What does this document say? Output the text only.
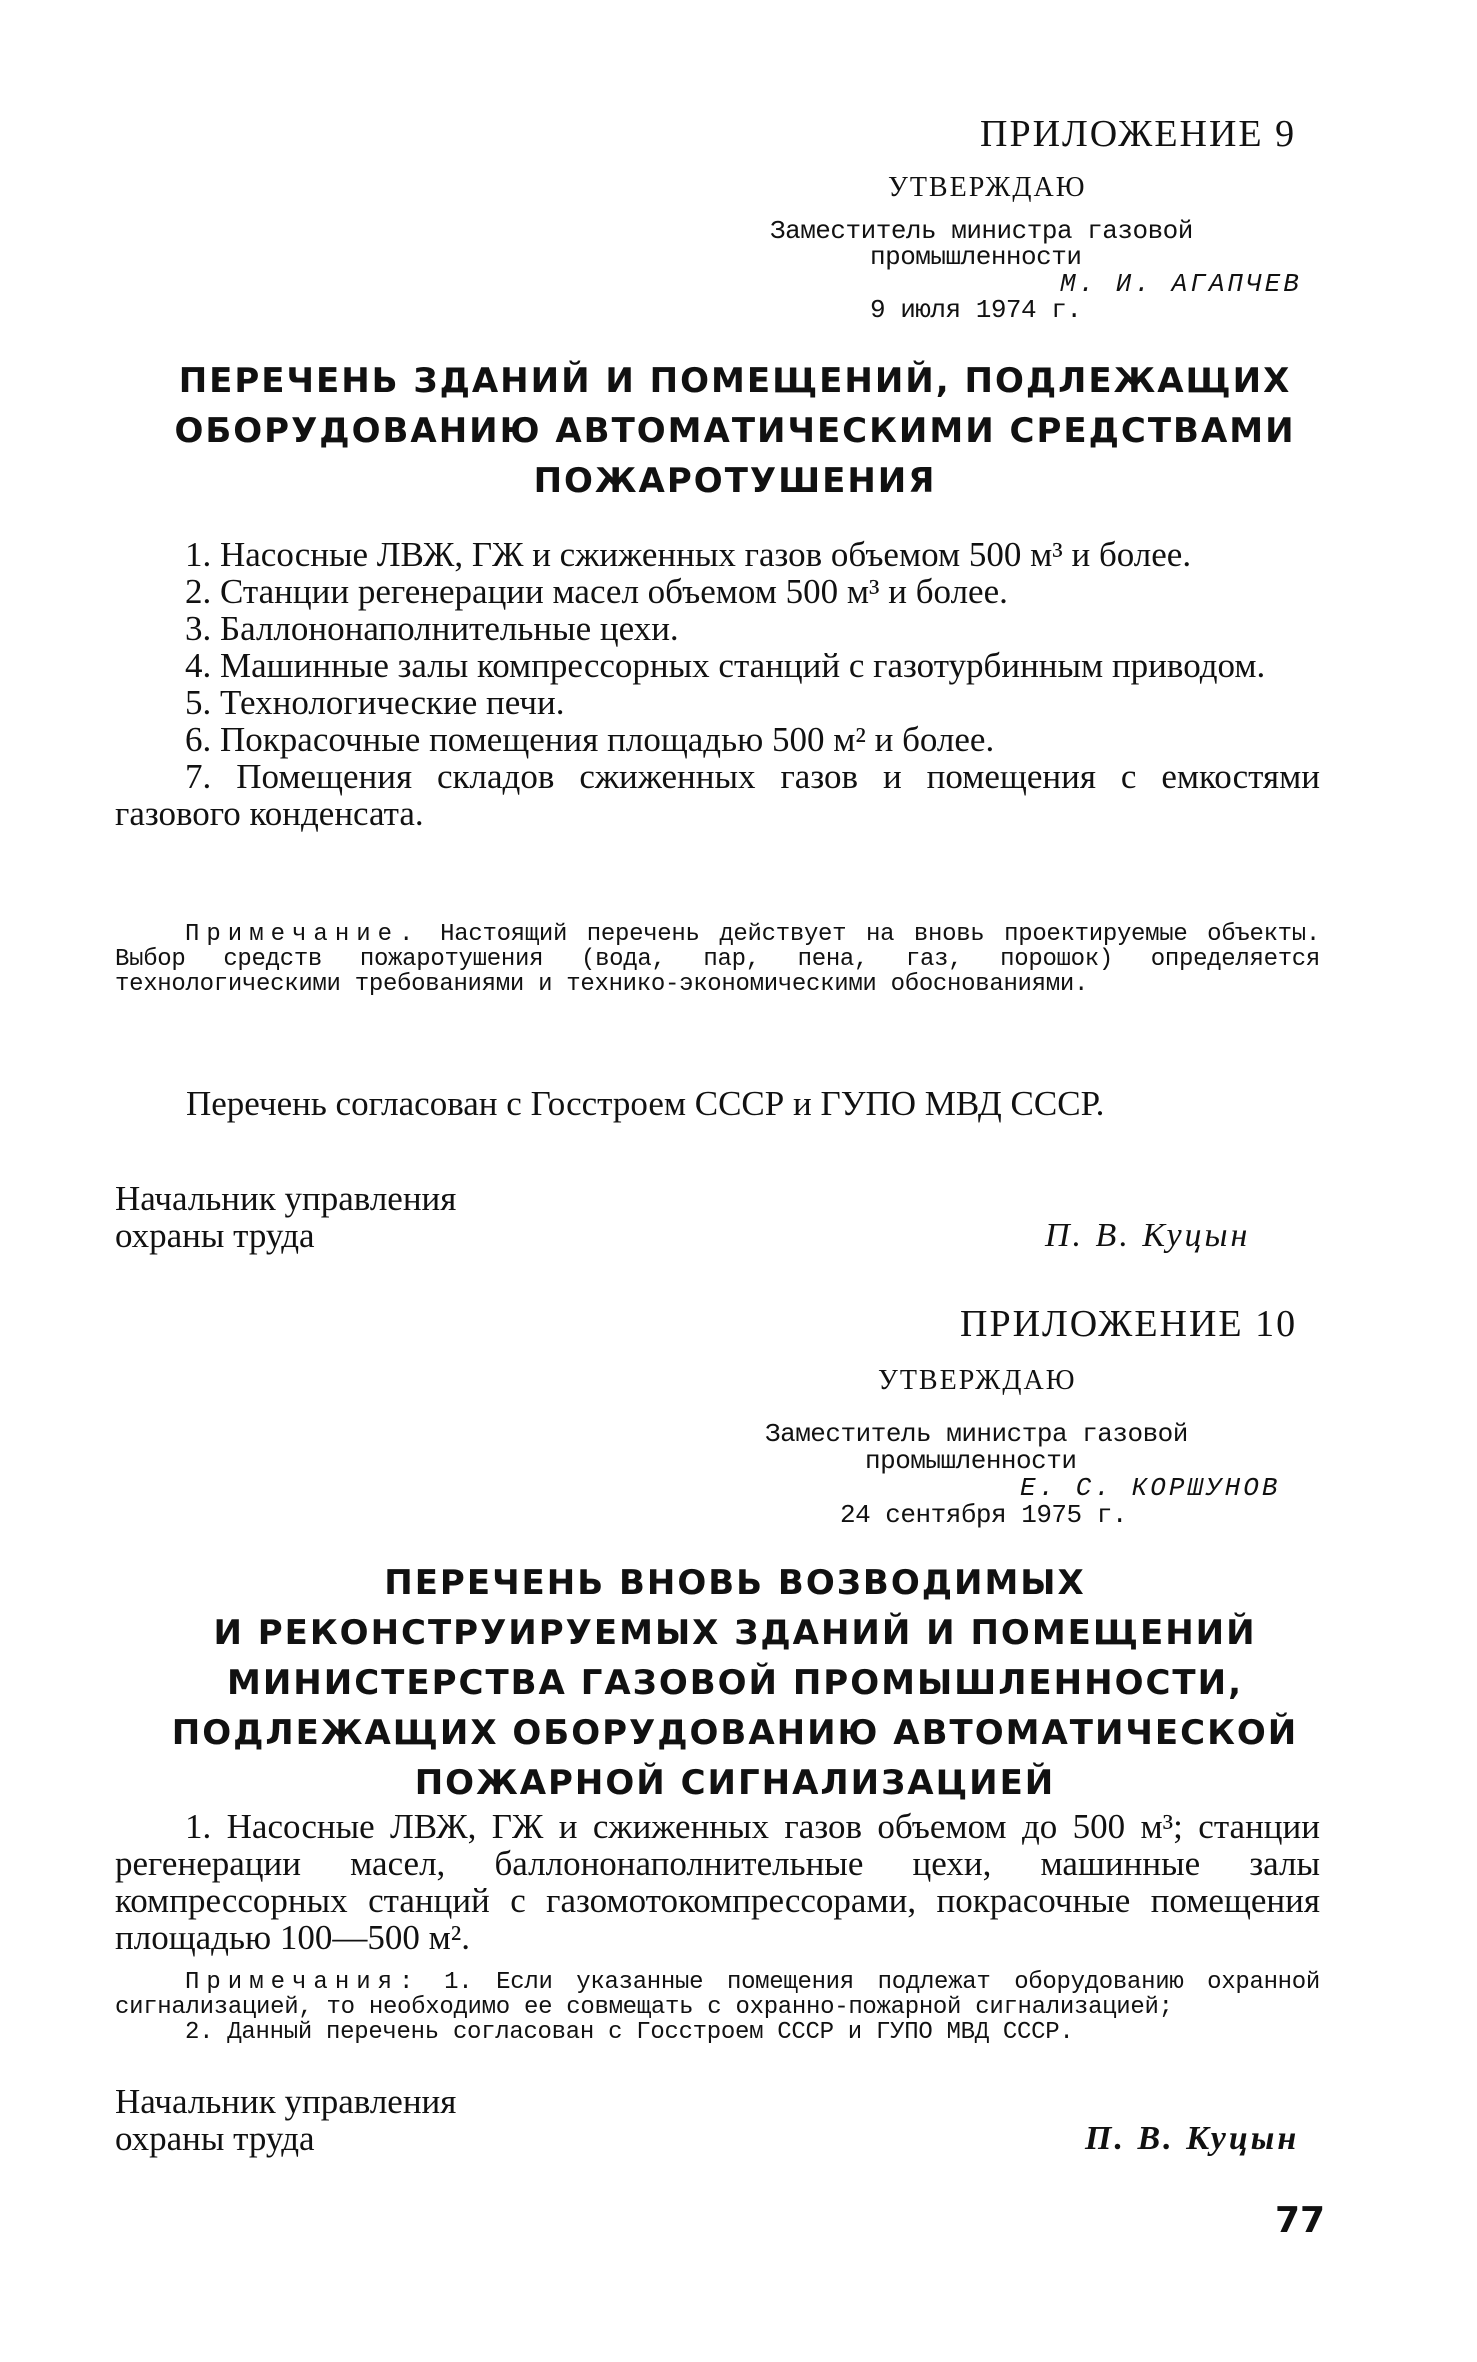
ПРИЛОЖЕНИЕ 9
УТВЕРЖДАЮ
Заместитель министра газовой
промышленности
М. И. АГАПЧЕВ
9 июля 1974 г.
ПЕРЕЧЕНЬ ЗДАНИЙ И ПОМЕЩЕНИЙ, ПОДЛЕЖАЩИХ
ОБОРУДОВАНИЮ АВТОМАТИЧЕСКИМИ СРЕДСТВАМИ
ПОЖАРОТУШЕНИЯ
1. Насосные ЛВЖ, ГЖ и сжиженных газов объемом 500 м³ и более.
2. Станции регенерации масел объемом 500 м³ и более.
3. Баллононаполнительные цехи.
4. Машинные залы компрессорных станций с газотурбинным приводом.
5. Технологические печи.
6. Покрасочные помещения площадью 500 м² и более.
7. Помещения складов сжиженных газов и помещения с емкостями газового конденсата.
Примечание. Настоящий перечень действует на вновь проектируемые объекты. Выбор средств пожаротушения (вода, пар, пена, газ, порошок) определяется технологическими требованиями и технико-экономическими обоснованиями.
Перечень согласован с Госстроем СССР и ГУПО МВД СССР.
Начальник управления
охраны труда	П. В. Куцын
ПРИЛОЖЕНИЕ 10
УТВЕРЖДАЮ
Заместитель министра газовой
промышленности
Е. С. КОРШУНОВ
24 сентября 1975 г.
ПЕРЕЧЕНЬ ВНОВЬ ВОЗВОДИМЫХ
И РЕКОНСТРУИРУЕМЫХ ЗДАНИЙ И ПОМЕЩЕНИЙ
МИНИСТЕРСТВА ГАЗОВОЙ ПРОМЫШЛЕННОСТИ,
ПОДЛЕЖАЩИХ ОБОРУДОВАНИЮ АВТОМАТИЧЕСКОЙ
ПОЖАРНОЙ СИГНАЛИЗАЦИЕЙ
1. Насосные ЛВЖ, ГЖ и сжиженных газов объемом до 500 м³; станции регенерации масел, баллононаполнительные цехи, машинные залы компрессорных станций с газомотокомпрессорами, покрасочные помещения площадью 100—500 м².
Примечания: 1. Если указанные помещения подлежат оборудованию охранной сигнализацией, то необходимо ее совмещать с охранно-пожарной сигнализацией;
2. Данный перечень согласован с Госстроем СССР и ГУПО МВД СССР.
Начальник управления
охраны труда	П. В. Куцын
77
